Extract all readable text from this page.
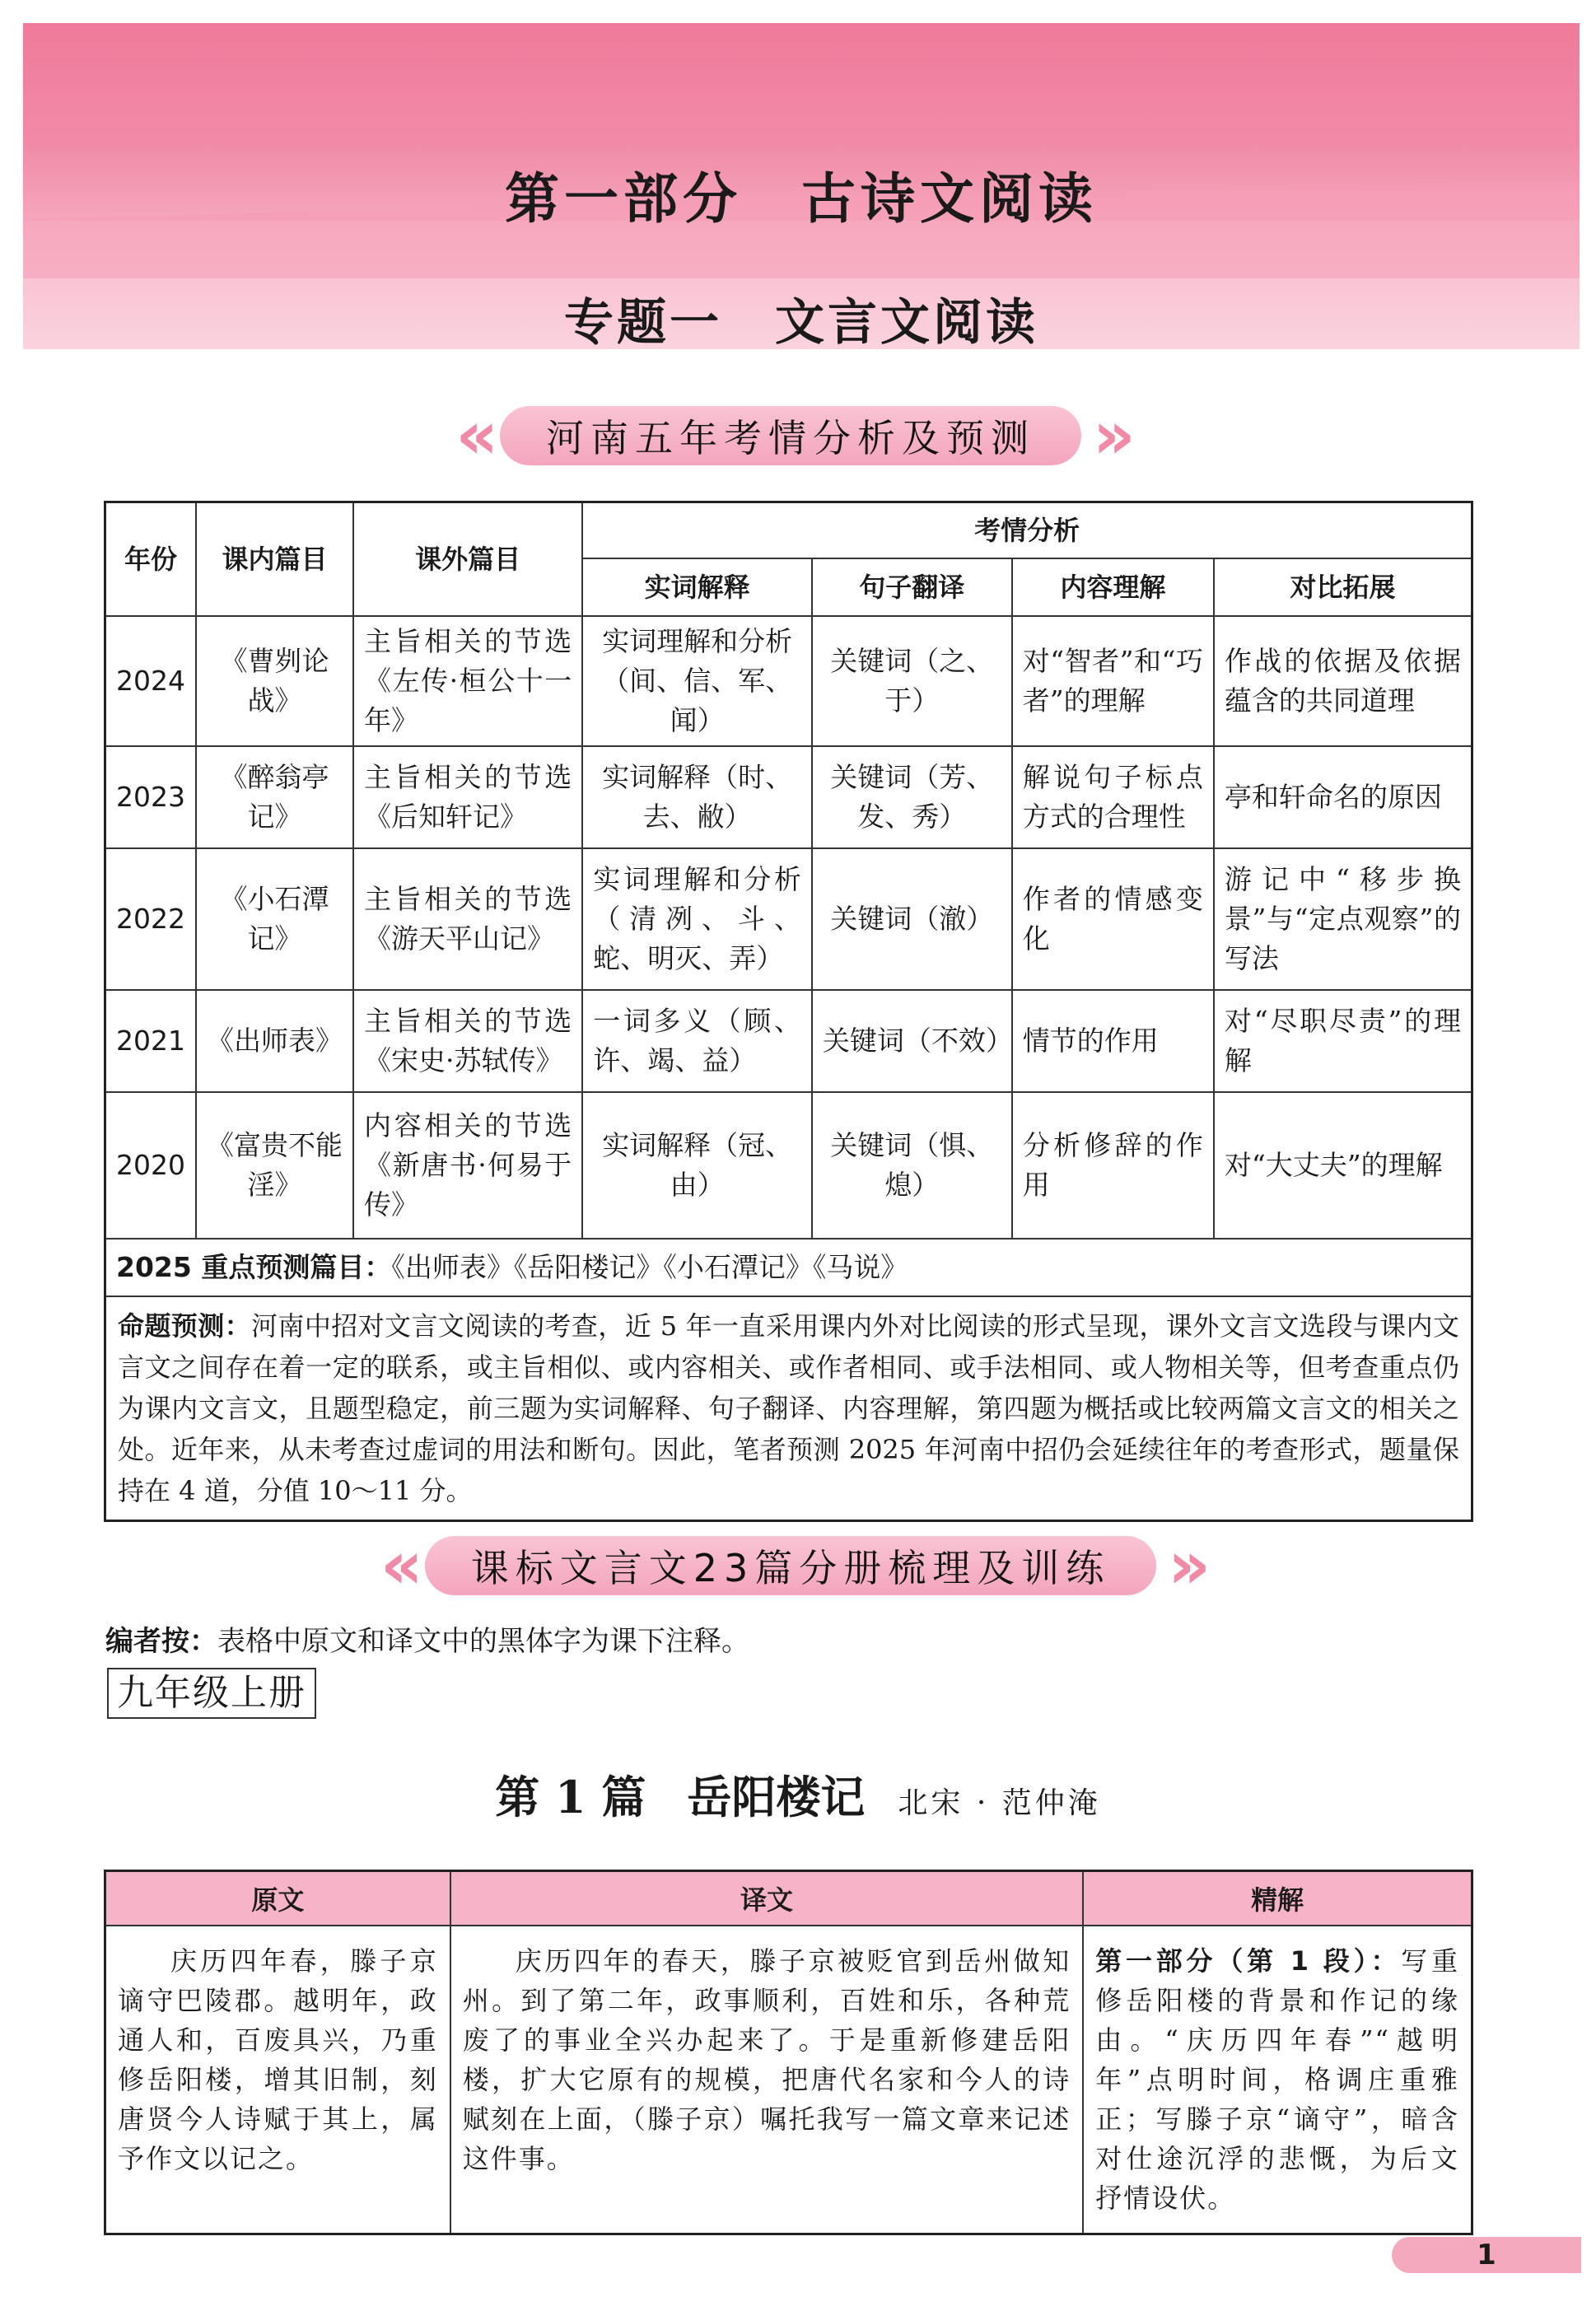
第一部分　古诗文阅读
专题一　文言文阅读
«	河南五年考情分析及预测 »
年份	课内篇目	课外篇目	考情分析			
			实词解释	句子翻译	内容理解	对比拓展
2024	《曹刿论战》	主旨相关的节选《左传·桓公十一年》	实词理解和分析（间、信、军、闻）	关键词（之、于）	对“智者”和“巧者”的理解	作战的依据及依据蕴含的共同道理
2023	《醉翁亭记》	主旨相关的节选《后知轩记》	实词解释（时、去、敝）	关键词（芳、发、秀）	解说句子标点方式的合理性	亭和轩命名的原因
2022	《小石潭记》	主旨相关的节选《游天平山记》	实词理解和分析（清冽、斗、蛇、明灭、弄）	关键词（澈）	作者的情感变化	游记中“移步换景”与“定点观察”的写法
2021	《出师表》	主旨相关的节选《宋史·苏轼传》	一词多义（顾、许、竭、益）	关键词（不效）	情节的作用	对“尽职尽责”的理解
2020	《富贵不能淫》	内容相关的节选《新唐书·何易于传》	实词解释（冠、由）	关键词（惧、熄）	分析修辞的作用	对“大丈夫”的理解
2025 重点预测篇目：《出师表》《岳阳楼记》《小石潭记》《马说》						
命题预测：河南中招对文言文阅读的考查，近 5 年一直采用课内外对比阅读的形式呈现，课外文言文选段与课内文言文之间存在着一定的联系，或主旨相似、或内容相关、或作者相同、或手法相同、或人物相关等，但考查重点仍为课内文言文，且题型稳定，前三题为实词解释、句子翻译、内容理解，第四题为概括或比较两篇文言文的相关之处。近年来，从未考查过虚词的用法和断句。因此，笔者预测 2025 年河南中招仍会延续往年的考查形式，题量保持在 4 道，分值 10～11 分。						
«	课标文言文23篇分册梳理及训练 »
编者按：表格中原文和译文中的黑体字为课下注释。
九年级上册
第 1 篇 岳阳楼记 北宋 · 范仲淹
原文	译文	精解

庆历四年春，滕子京谪守巴陵郡。越明年，政通人和，百废具兴，乃重修岳阳楼，增其旧制，刻唐贤今人诗赋于其上，属予作文以记之。	庆历四年的春天，滕子京被贬官到岳州做知州。到了第二年，政事顺利，百姓和乐，各种荒废了的事业全兴办起来了。于是重新修建岳阳楼，扩大它原有的规模，把唐代名家和今人的诗赋刻在上面，（滕子京）嘱托我写一篇文章来记述这件事。	第一部分（第 1 段）：写重修岳阳楼的背景和作记的缘由。“庆历四年春”“越明年”点明时间，格调庄重雅正；写滕子京“谪守”，暗含对仕途沉浮的悲慨，为后文抒情设伏。

1
